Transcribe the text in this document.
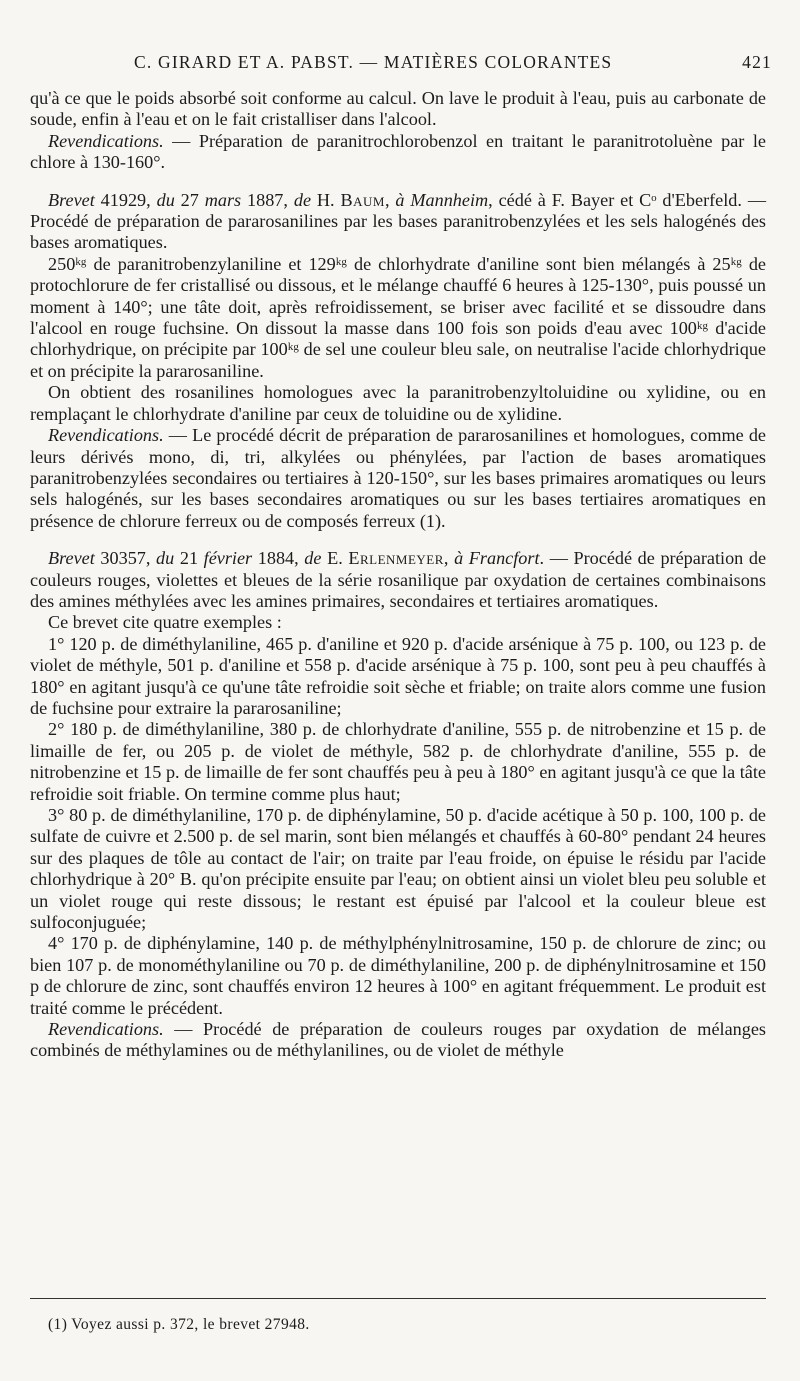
C. GIRARD ET A. PABST. — MATIÈRES COLORANTES	421

qu'à ce que le poids absorbé soit conforme au calcul. On lave le produit à l'eau, puis au carbonate de soude, enfin à l'eau et on le fait cristalliser dans l'alcool.

Revendications. — Préparation de paranitrochlorobenzol en traitant le paranitrotoluène par le chlore à 130-160°.

Brevet 41929, du 27 mars 1887, de H. Baum, à Mannheim, cédé à F. Bayer et Cᵒ d'Eberfeld. — Procédé de préparation de pararosanilines par les bases paranitrobenzylées et les sels halogénés des bases aromatiques.

250ᵏᵍ de paranitrobenzylaniline et 129ᵏᵍ de chlorhydrate d'aniline sont bien mélangés à 25ᵏᵍ de protochlorure de fer cristallisé ou dissous, et le mélange chauffé 6 heures à 125-130°, puis poussé un moment à 140°; une tâte doit, après refroidissement, se briser avec facilité et se dissoudre dans l'alcool en rouge fuchsine. On dissout la masse dans 100 fois son poids d'eau avec 100ᵏᵍ d'acide chlorhydrique, on précipite par 100ᵏᵍ de sel une couleur bleu sale, on neutralise l'acide chlorhydrique et on précipite la pararosaniline.

On obtient des rosanilines homologues avec la paranitrobenzyltoluidine ou xylidine, ou en remplaçant le chlorhydrate d'aniline par ceux de toluidine ou de xylidine.

Revendications. — Le procédé décrit de préparation de pararosanilines et homologues, comme de leurs dérivés mono, di, tri, alkylées ou phénylées, par l'action de bases aromatiques paranitrobenzylées secondaires ou tertiaires à 120-150°, sur les bases primaires aromatiques ou leurs sels halogénés, sur les bases secondaires aromatiques ou sur les bases tertiaires aromatiques en présence de chlorure ferreux ou de composés ferreux (1).

Brevet 30357, du 21 février 1884, de E. Erlenmeyer, à Francfort. — Procédé de préparation de couleurs rouges, violettes et bleues de la série rosanilique par oxydation de certaines combinaisons des amines méthylées avec les amines primaires, secondaires et tertiaires aromatiques.

Ce brevet cite quatre exemples :

1° 120 p. de diméthylaniline, 465 p. d'aniline et 920 p. d'acide arsénique à 75 p. 100, ou 123 p. de violet de méthyle, 501 p. d'aniline et 558 p. d'acide arsénique à 75 p. 100, sont peu à peu chauffés à 180° en agitant jusqu'à ce qu'une tâte refroidie soit sèche et friable; on traite alors comme une fusion de fuchsine pour extraire la pararosaniline;

2° 180 p. de diméthylaniline, 380 p. de chlorhydrate d'aniline, 555 p. de nitrobenzine et 15 p. de limaille de fer, ou 205 p. de violet de méthyle, 582 p. de chlorhydrate d'aniline, 555 p. de nitrobenzine et 15 p. de limaille de fer sont chauffés peu à peu à 180° en agitant jusqu'à ce que la tâte refroidie soit friable. On termine comme plus haut;

3° 80 p. de diméthylaniline, 170 p. de diphénylamine, 50 p. d'acide acétique à 50 p. 100, 100 p. de sulfate de cuivre et 2.500 p. de sel marin, sont bien mélangés et chauffés à 60-80° pendant 24 heures sur des plaques de tôle au contact de l'air; on traite par l'eau froide, on épuise le résidu par l'acide chlorhydrique à 20° B. qu'on précipite ensuite par l'eau; on obtient ainsi un violet bleu peu soluble et un violet rouge qui reste dissous; le restant est épuisé par l'alcool et la couleur bleue est sulfoconjuguée;

4° 170 p. de diphénylamine, 140 p. de méthylphénylnitrosamine, 150 p. de chlorure de zinc; ou bien 107 p. de monométhylaniline ou 70 p. de diméthylaniline, 200 p. de diphénylnitrosamine et 150 p de chlorure de zinc, sont chauffés environ 12 heures à 100° en agitant fréquemment. Le produit est traité comme le précédent.

Revendications. — Procédé de préparation de couleurs rouges par oxydation de mélanges combinés de méthylamines ou de méthylanilines, ou de violet de méthyle

(1) Voyez aussi p. 372, le brevet 27948.
